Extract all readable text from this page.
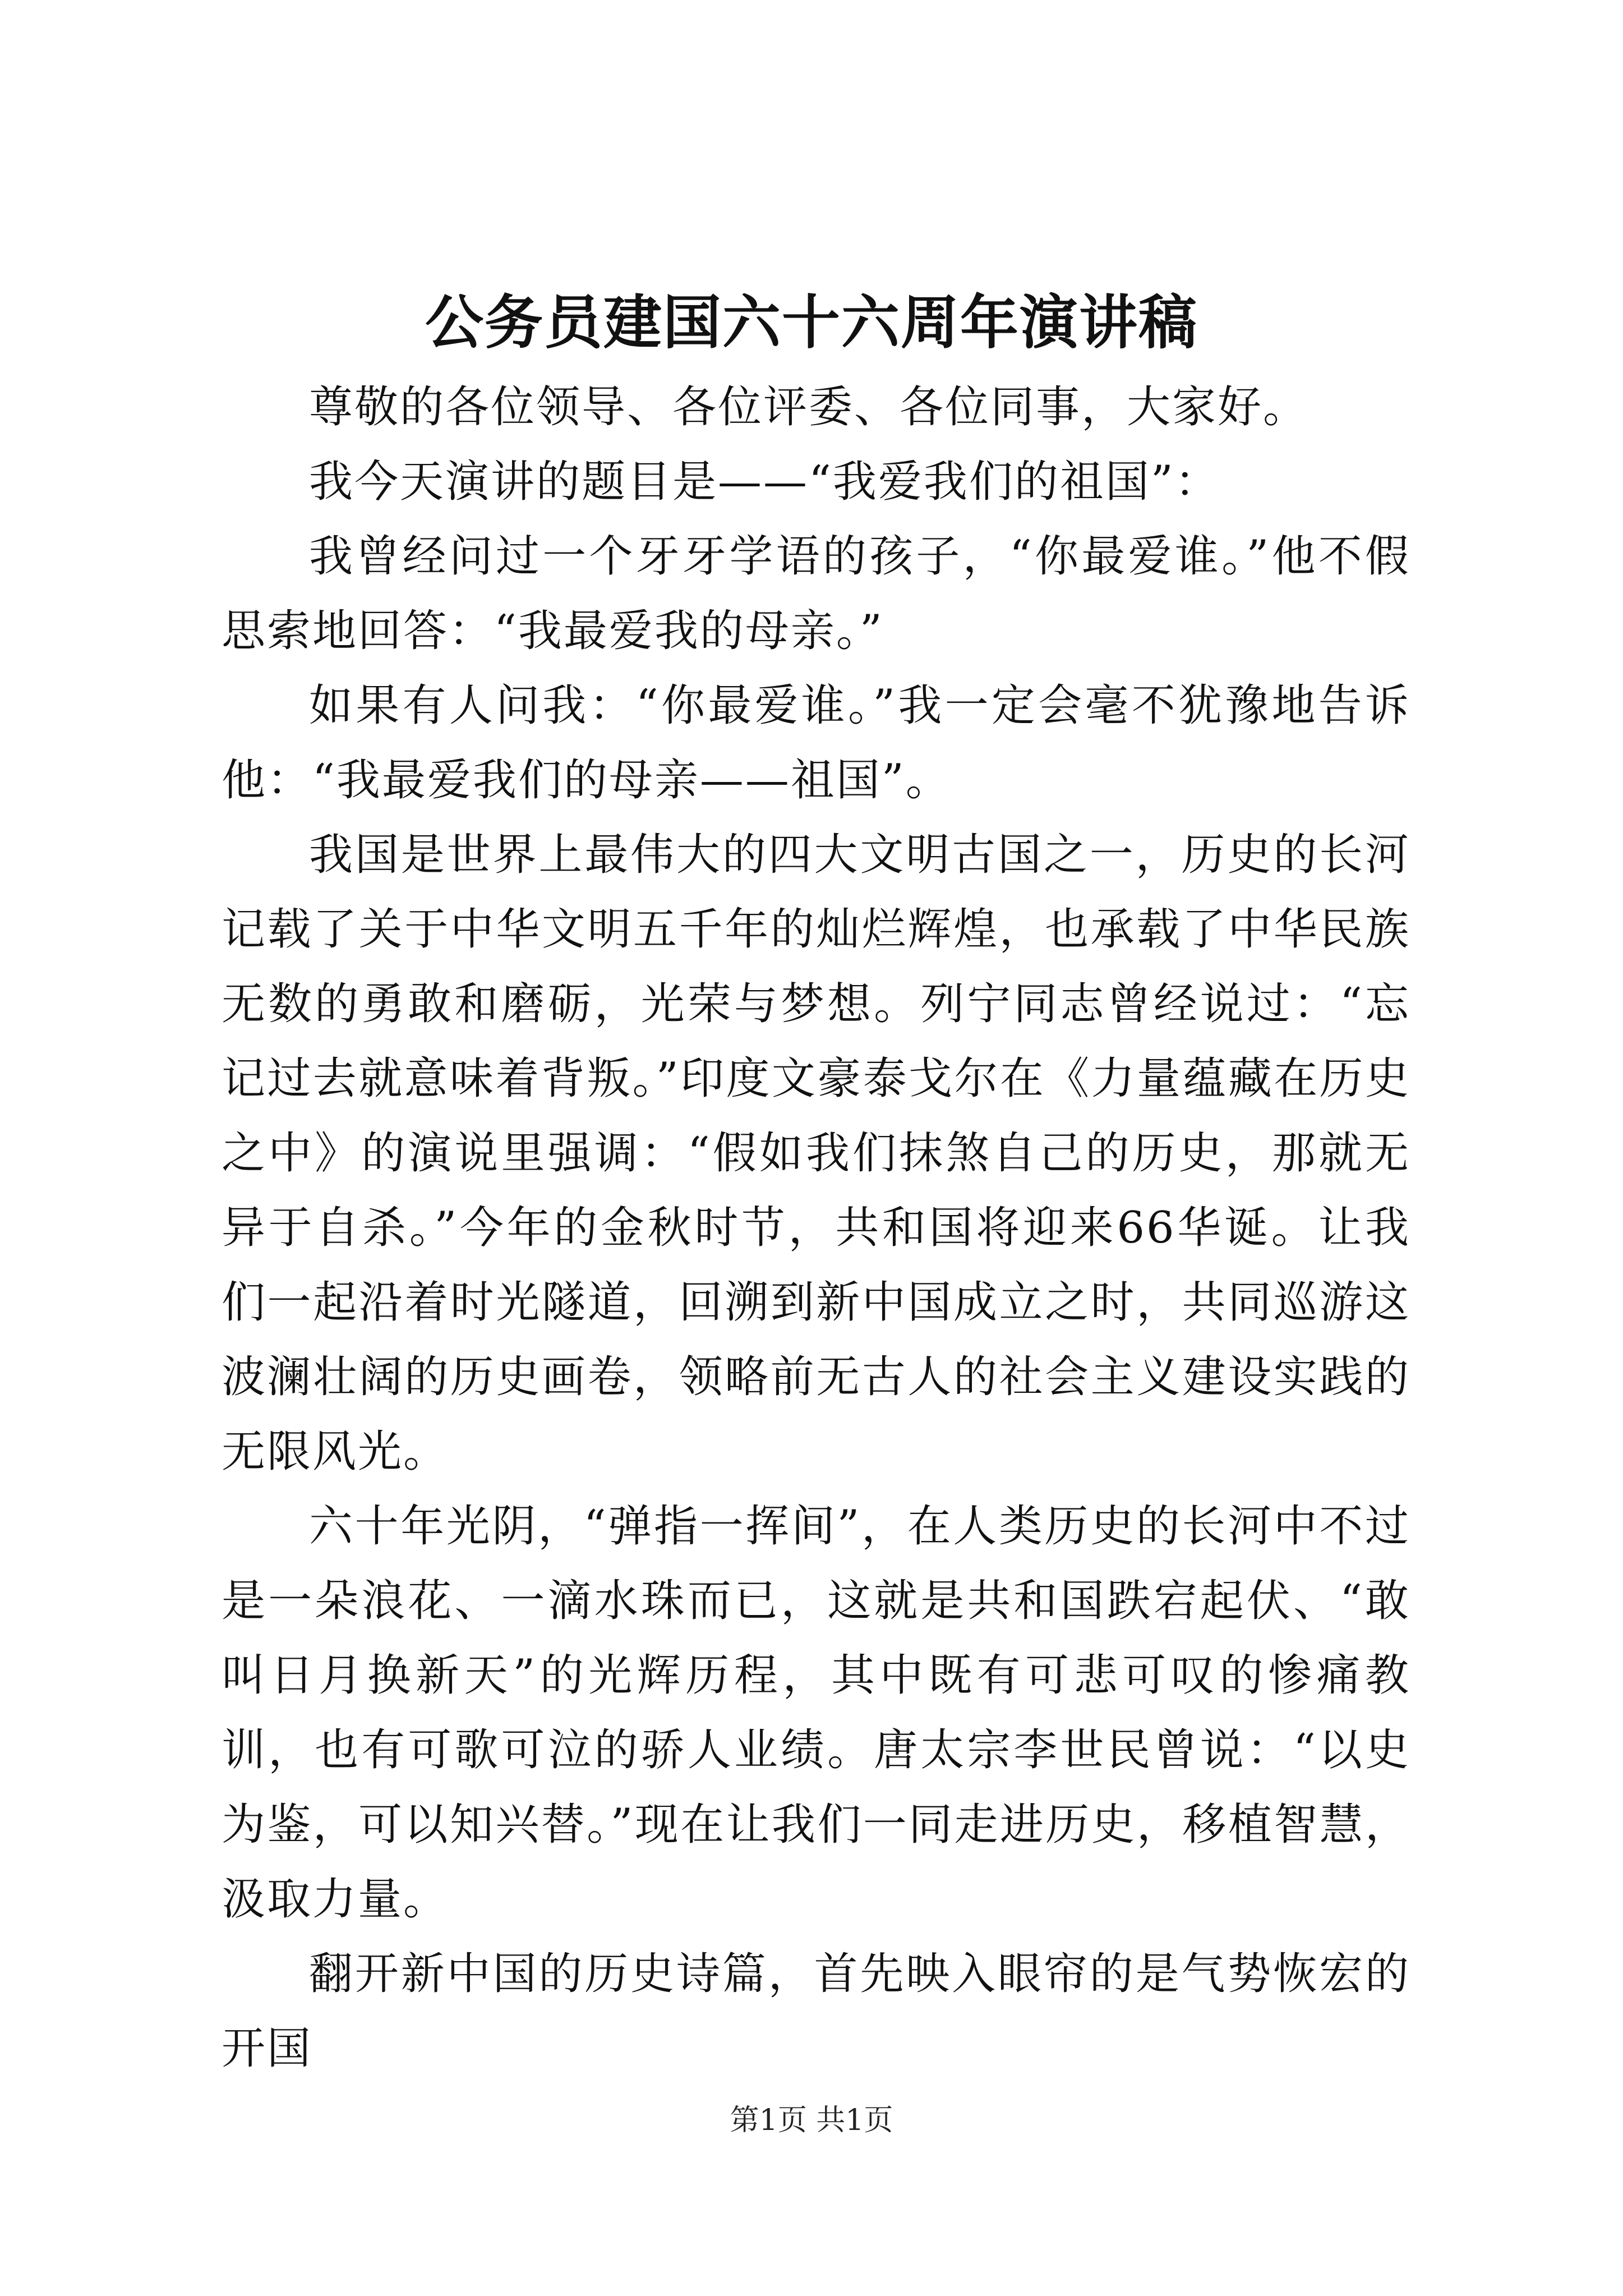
公务员建国六十六周年演讲稿

尊敬的各位领导、各位评委、各位同事，大家好。

我今天演讲的题目是——“我爱我们的祖国”：

我曾经问过一个牙牙学语的孩子，“你最爱谁。”他不假思索地回答：“我最爱我的母亲。”

如果有人问我：“你最爱谁。”我一定会毫不犹豫地告诉他：“我最爱我们的母亲——祖国”。

我国是世界上最伟大的四大文明古国之一，历史的长河记载了关于中华文明五千年的灿烂辉煌，也承载了中华民族无数的勇敢和磨砺，光荣与梦想。列宁同志曾经说过：“忘记过去就意味着背叛。”印度文豪泰戈尔在《力量蕴藏在历史之中》的演说里强调：“假如我们抹煞自己的历史，那就无异于自杀。”今年的金秋时节，共和国将迎来66华诞。让我们一起沿着时光隧道，回溯到新中国成立之时，共同巡游这波澜壮阔的历史画卷，领略前无古人的社会主义建设实践的无限风光。

六十年光阴，“弹指一挥间”，在人类历史的长河中不过是一朵浪花、一滴水珠而已，这就是共和国跌宕起伏、“敢叫日月换新天”的光辉历程，其中既有可悲可叹的惨痛教训，也有可歌可泣的骄人业绩。唐太宗李世民曾说：“以史为鉴，可以知兴替。”现在让我们一同走进历史，移植智慧，汲取力量。

翻开新中国的历史诗篇，首先映入眼帘的是气势恢宏的开国

第1页 共1页
